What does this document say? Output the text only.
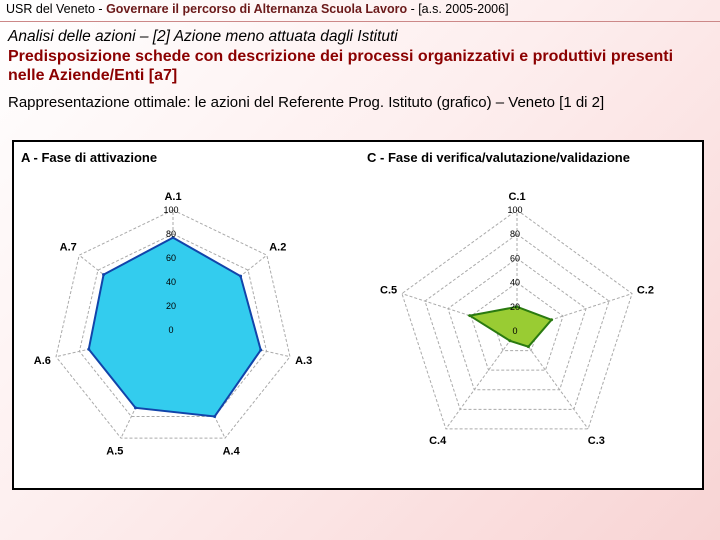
USR del Veneto - Governare il percorso di Alternanza Scuola Lavoro - [a.s. 2005-2006]
Analisi delle azioni – [2] Azione meno attuata dagli Istituti
Predisposizione schede con descrizione dei processi organizzativi e produttivi presenti nelle Aziende/Enti [a7]
Rappresentazione ottimale: le azioni del Referente Prog. Istituto (grafico) – Veneto [1 di 2]
A - Fase di attivazione	C - Fase di verifica/valutazione/validazione
0
20
40
60
80
100
A.1
A.2
A.3
A.4
A.5
A.6
A.7
0
20
40
60
80
100
C.1
C.2
C.3
C.4
C.5
